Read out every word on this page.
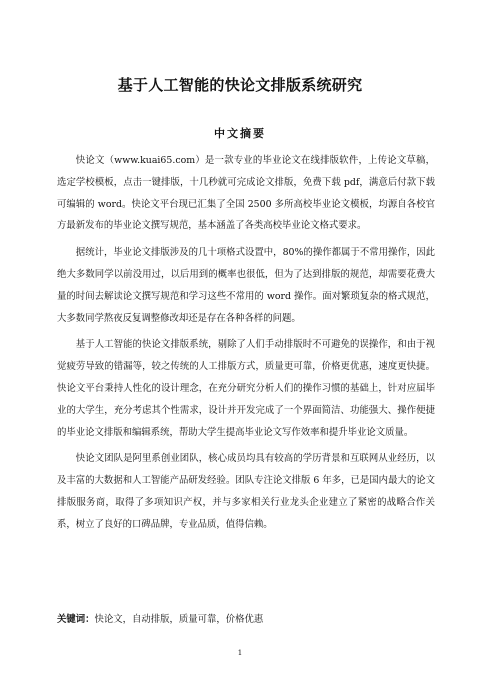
基于人工智能的快论文排版系统研究
中文摘要

快论文（www.kuai65.com）是一款专业的毕业论文在线排版软件，上传论文草稿，选定学校模板，点击一键排版，十几秒就可完成论文排版，免费下载 pdf，满意后付款下载可编辑的 word。快论文平台现已汇集了全国 2500 多所高校毕业论文模板，均源自各校官方最新发布的毕业论文撰写规范，基本涵盖了各类高校毕业论文格式要求。

据统计，毕业论文排版涉及的几十项格式设置中，80%的操作都属于不常用操作，因此绝大多数同学以前没用过，以后用到的概率也很低，但为了达到排版的规范，却需要花费大量的时间去解读论文撰写规范和学习这些不常用的 word 操作。面对繁琐复杂的格式规范，大多数同学熬夜反复调整修改却还是存在各种各样的问题。

基于人工智能的快论文排版系统，剔除了人们手动排版时不可避免的误操作，和由于视觉疲劳导致的错漏等，较之传统的人工排版方式，质量更可靠，价格更优惠，速度更快捷。快论文平台秉持人性化的设计理念，在充分研究分析人们的操作习惯的基础上，针对应届毕业的大学生，充分考虑其个性需求，设计并开发完成了一个界面简洁、功能强大、操作便捷的毕业论文排版和编辑系统，帮助大学生提高毕业论文写作效率和提升毕业论文质量。

快论文团队是阿里系创业团队，核心成员均具有较高的学历背景和互联网从业经历，以及丰富的大数据和人工智能产品研发经验。团队专注论文排版 6 年多，已是国内最大的论文排版服务商，取得了多项知识产权，并与多家相关行业龙头企业建立了紧密的战略合作关系，树立了良好的口碑品牌，专业品质，值得信赖。

关键词：快论文，自动排版，质量可靠，价格优惠
1
